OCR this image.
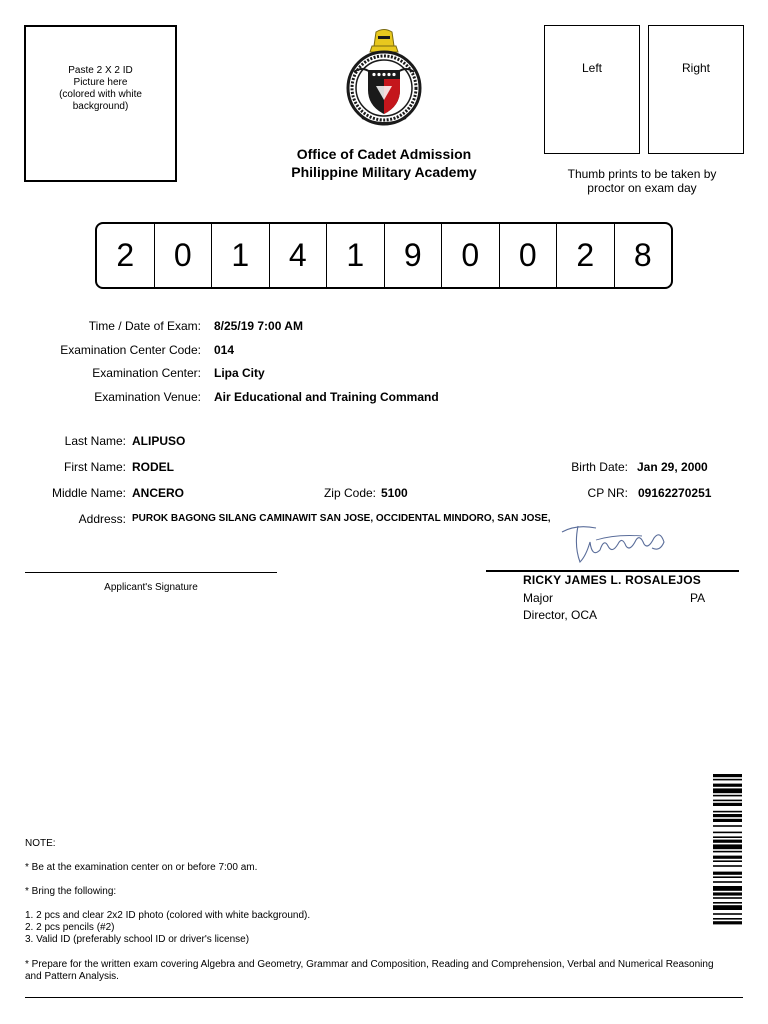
Paste 2 X 2 ID
Picture here
(colored with white
background)
Office of Cadet Admission
Philippine Military Academy
Left	Right
Thumb prints to be taken by
proctor on exam day
2	0	1	4	1	9	0	0	2	8
Time / Date of Exam: 8/25/19 7:00 AM
Examination Center Code: 014
Examination Center: Lipa City
Examination Venue: Air Educational and Training Command
Last Name: ALIPUSO
First Name: RODEL
Middle Name: ANCERO	Zip Code: 5100
Birth Date: Jan 29, 2000
CP NR: 09162270251
Address: PUROK BAGONG SILANG CAMINAWIT SAN JOSE, OCCIDENTAL MINDORO, SAN JOSE,
Applicant's Signature
RICKY JAMES L. ROSALEJOS
Major	PA
Director, OCA
NOTE:
* Be at the examination center on or before 7:00 am.
* Bring the following:
1. 2 pcs and clear 2x2 ID photo (colored with white background).
2. 2 pcs pencils (#2)
3. Valid ID (preferably school ID or driver's license)
* Prepare for the written exam covering Algebra and Geometry, Grammar and Composition, Reading and Comprehension, Verbal and Numerical Reasoning and Pattern Analysis.
